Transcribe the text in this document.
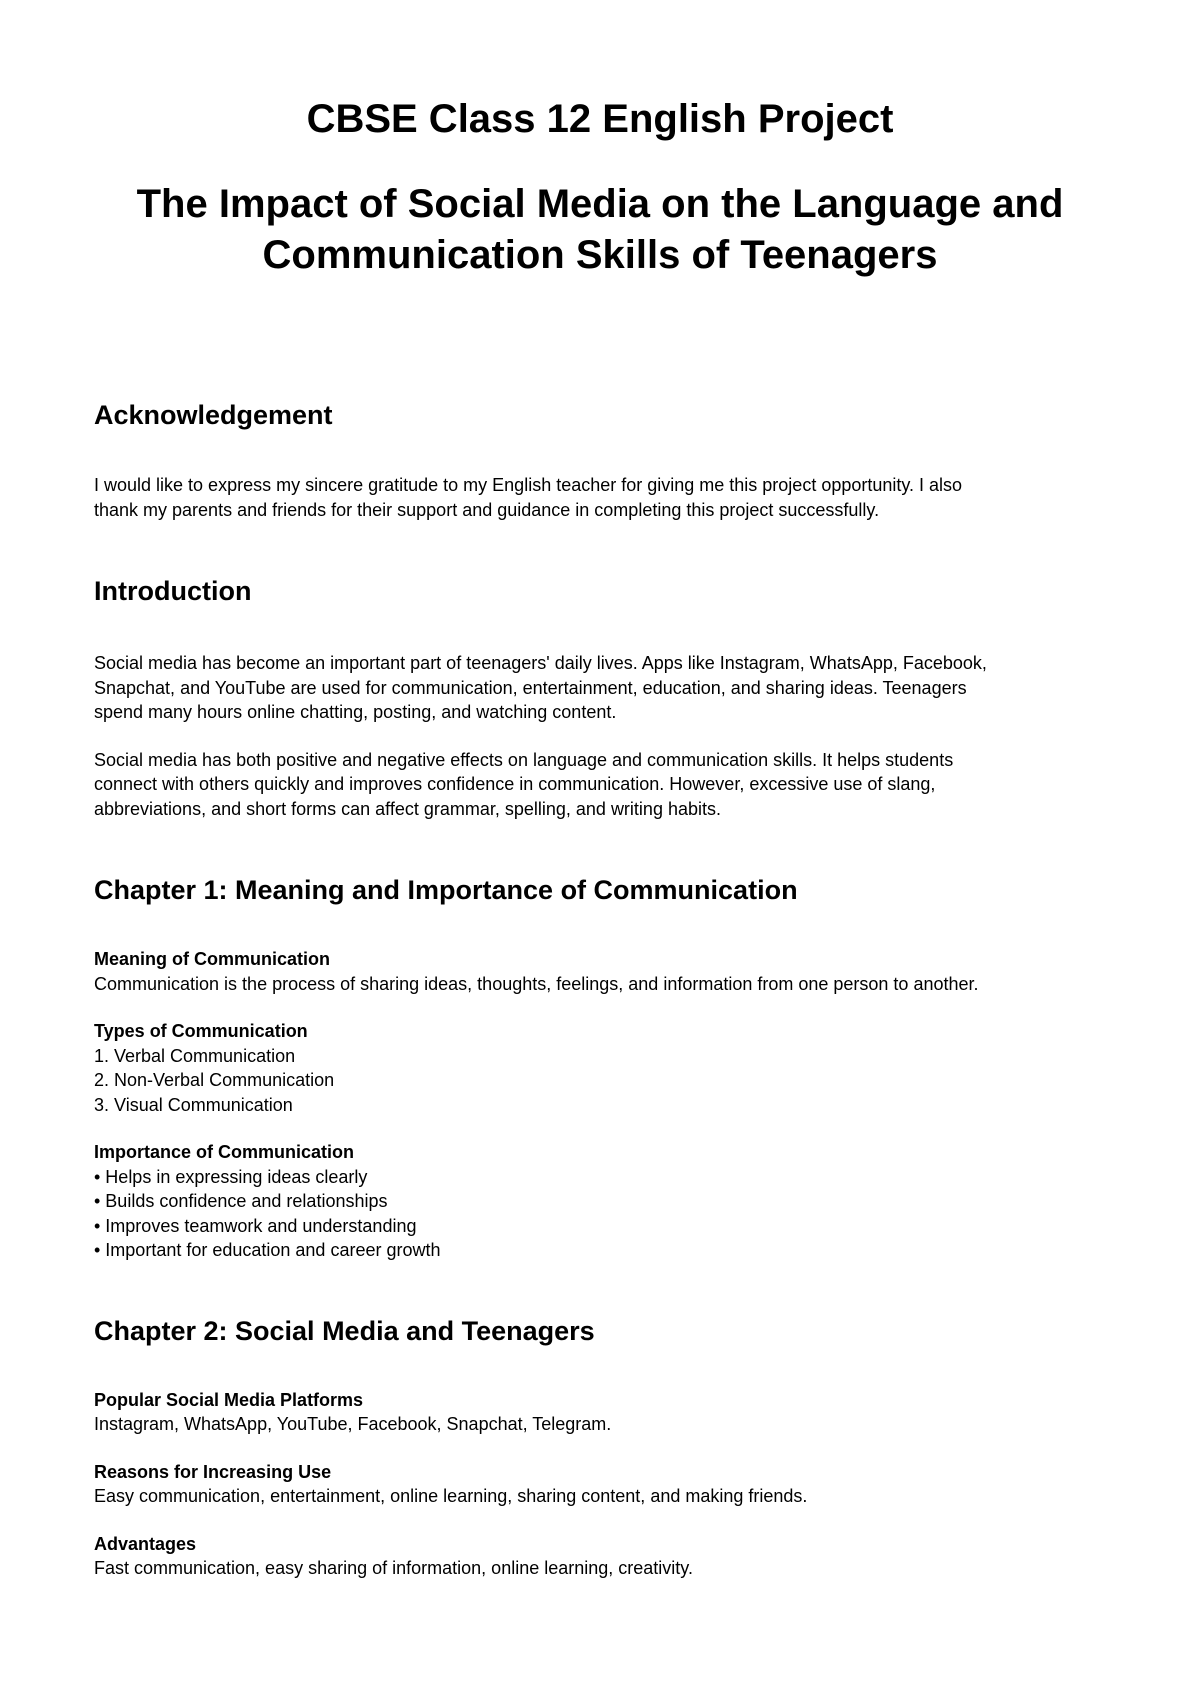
CBSE Class 12 English Project
The Impact of Social Media on the Language and
Communication Skills of Teenagers
Acknowledgement
I would like to express my sincere gratitude to my English teacher for giving me this project opportunity. I also
thank my parents and friends for their support and guidance in completing this project successfully.
Introduction
Social media has become an important part of teenagers' daily lives. Apps like Instagram, WhatsApp, Facebook,
Snapchat, and YouTube are used for communication, entertainment, education, and sharing ideas. Teenagers
spend many hours online chatting, posting, and watching content.
Social media has both positive and negative effects on language and communication skills. It helps students
connect with others quickly and improves confidence in communication. However, excessive use of slang,
abbreviations, and short forms can affect grammar, spelling, and writing habits.
Chapter 1: Meaning and Importance of Communication
Meaning of Communication
Communication is the process of sharing ideas, thoughts, feelings, and information from one person to another.
Types of Communication
1. Verbal Communication
2. Non-Verbal Communication
3. Visual Communication
Importance of Communication
• Helps in expressing ideas clearly
• Builds confidence and relationships
• Improves teamwork and understanding
• Important for education and career growth
Chapter 2: Social Media and Teenagers
Popular Social Media Platforms
Instagram, WhatsApp, YouTube, Facebook, Snapchat, Telegram.
Reasons for Increasing Use
Easy communication, entertainment, online learning, sharing content, and making friends.
Advantages
Fast communication, easy sharing of information, online learning, creativity.
